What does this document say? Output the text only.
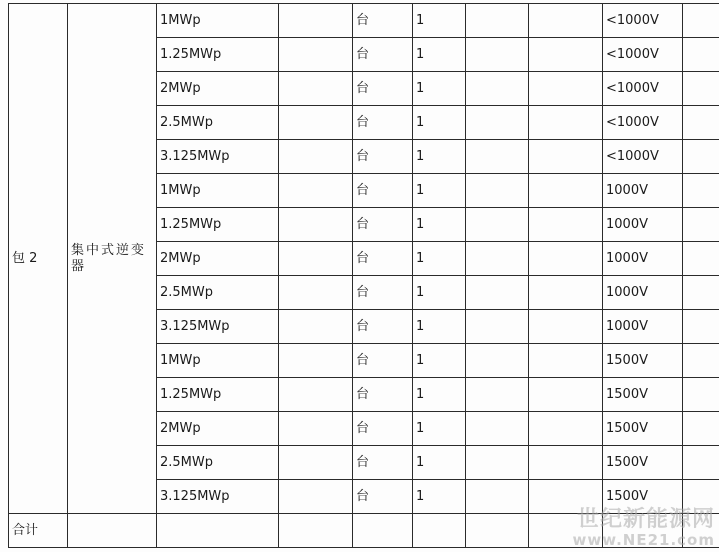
包 2	集中式逆变器	1MWp		台	1			<1000V	
		1.25MWp		台	1			<1000V	
		2MWp		台	1			<1000V	
		2.5MWp		台	1			<1000V	
		3.125MWp		台	1			<1000V	
		1MWp		台	1			1000V	
		1.25MWp		台	1			1000V	
		2MWp		台	1			1000V	
		2.5MWp		台	1			1000V	
		3.125MWp		台	1			1000V	
		1MWp		台	1			1500V	
		1.25MWp		台	1			1500V	
		2MWp		台	1			1500V	
		2.5MWp		台	1			1500V	
		3.125MWp		台	1			1500V	
合计										世纪新能源网
www.NE21.com
